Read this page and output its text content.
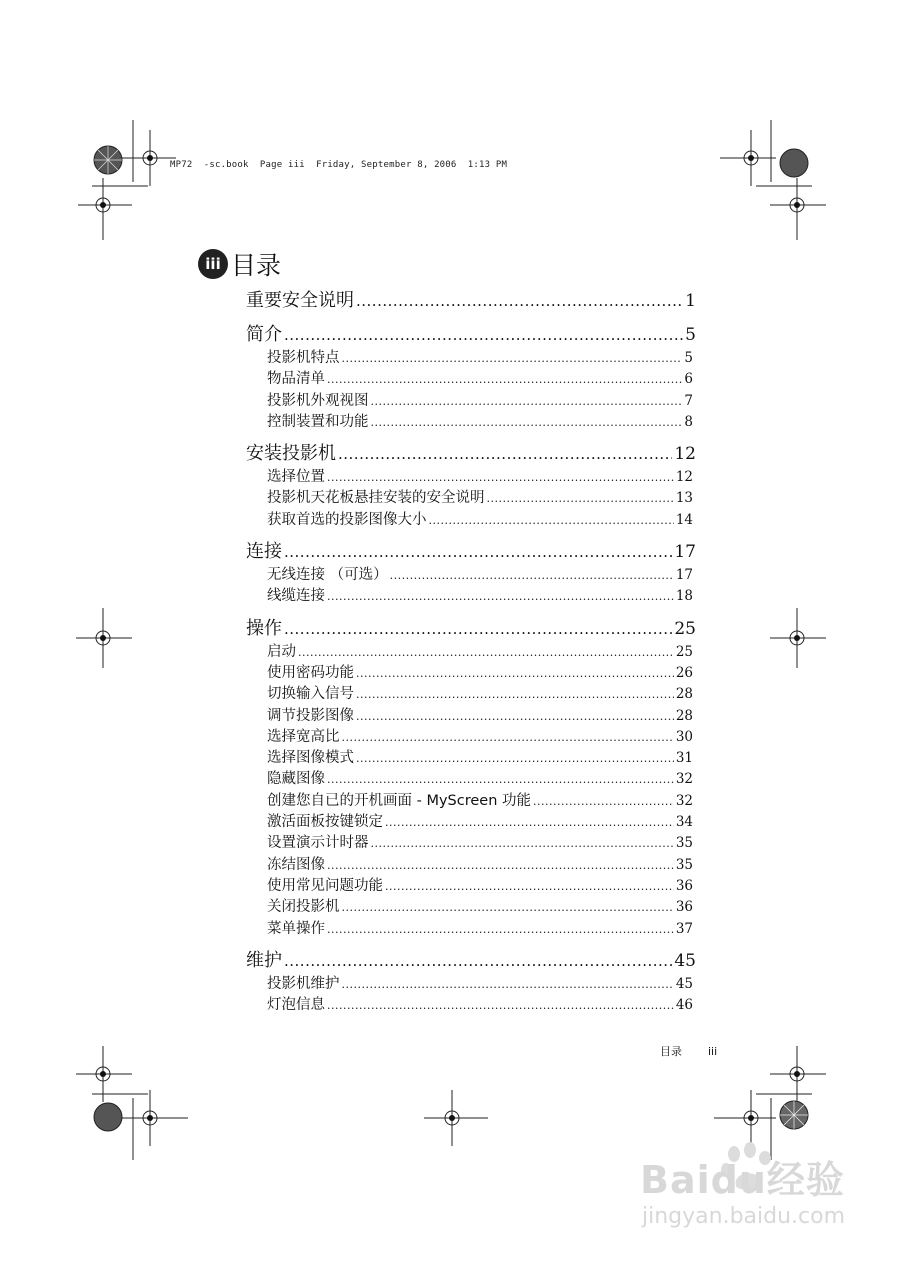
MP72  -sc.book  Page iii  Friday, September 8, 2006  1:13 PM
iii 目录
重要安全说明 .....	1
简介 .....	5
投影机特点 .....	5
物品清单 .....	6
投影机外观视图 .....	7
控制装置和功能 .....	8
安装投影机 .....	12
选择位置 .....	12
投影机天花板悬挂安装的安全说明 .....	13
获取首选的投影图像大小 .....	14
连接 .....	17
无线连接 （可选） .....	17
线缆连接 .....	18
操作 .....	25
启动 .....	25
使用密码功能 .....	26
切换输入信号 .....	28
调节投影图像 .....	28
选择宽高比 .....	30
选择图像模式 .....	31
隐藏图像 .....	32
创建您自已的开机画面 - MyScreen 功能 .....	32
激活面板按键锁定 .....	34
设置演示计时器 .....	35
冻结图像 .....	35
使用常见问题功能 .....	36
关闭投影机 .....	36
菜单操作 .....	37
维护 .....	45
投影机维护 .....	45
灯泡信息 .....	46
目录 iii
Baidu经验
jingyan.baidu.com
